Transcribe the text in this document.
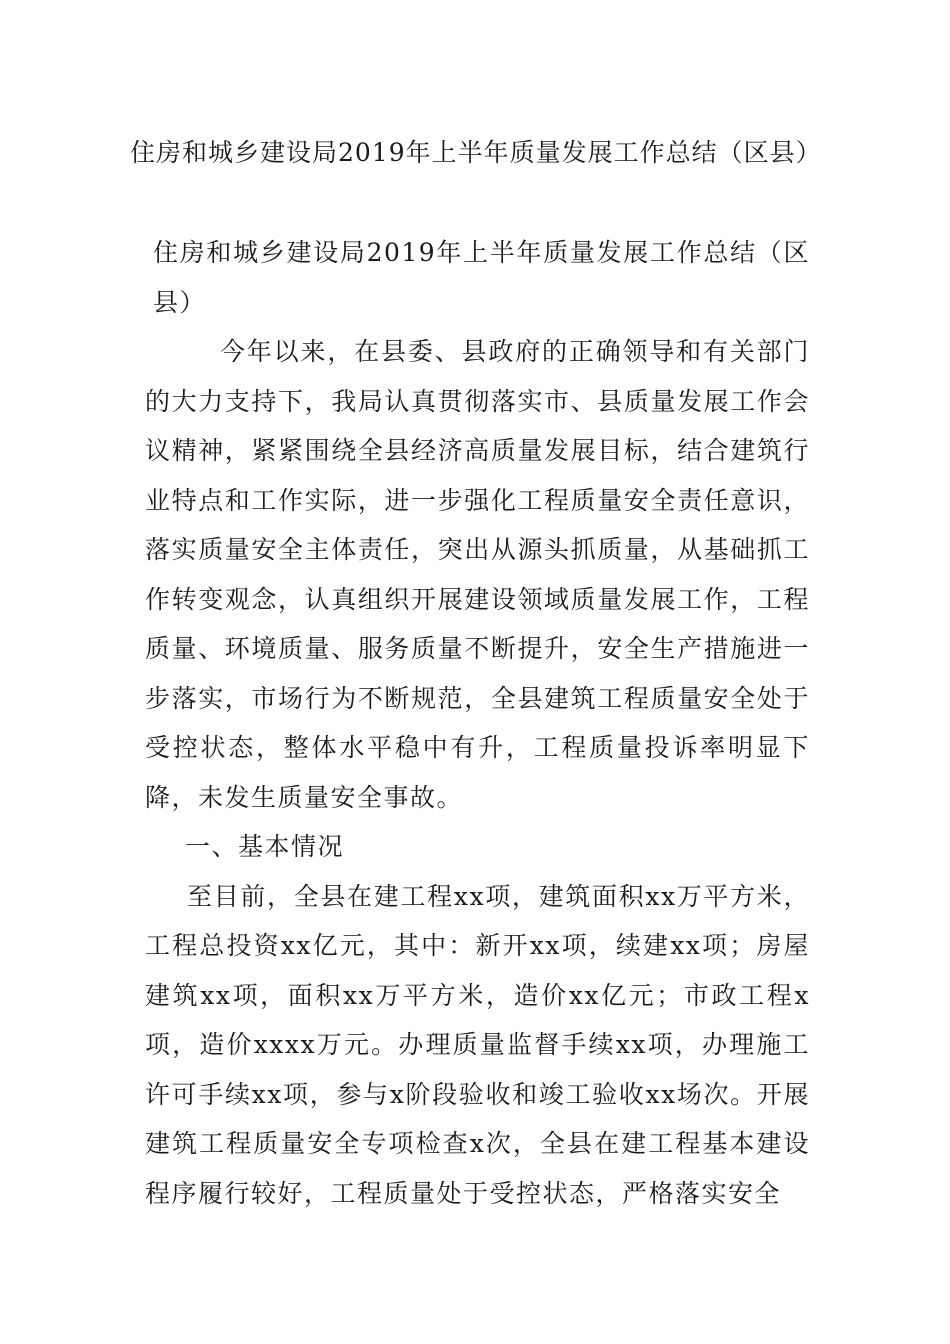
住房和城乡建设局2019年上半年质量发展工作总结（区县）

住房和城乡建设局2019年上半年质量发展工作总结（区县）

今年以来，在县委、县政府的正确领导和有关部门的大力支持下，我局认真贯彻落实市、县质量发展工作会议精神，紧紧围绕全县经济高质量发展目标，结合建筑行业特点和工作实际，进一步强化工程质量安全责任意识，落实质量安全主体责任，突出从源头抓质量，从基础抓工作转变观念，认真组织开展建设领域质量发展工作，工程质量、环境质量、服务质量不断提升，安全生产措施进一步落实，市场行为不断规范，全县建筑工程质量安全处于受控状态，整体水平稳中有升，工程质量投诉率明显下降，未发生质量安全事故。

一、基本情况

至目前，全县在建工程xx项，建筑面积xx万平方米，工程总投资xx亿元，其中：新开xx项，续建xx项；房屋建筑xx项，面积xx万平方米，造价xx亿元；市政工程x项，造价xxxx万元。办理质量监督手续xx项，办理施工许可手续xx项，参与x阶段验收和竣工验收xx场次。开展建筑工程质量安全专项检查x次，全县在建工程基本建设程序履行较好，工程质量处于受控状态，严格落实安全
